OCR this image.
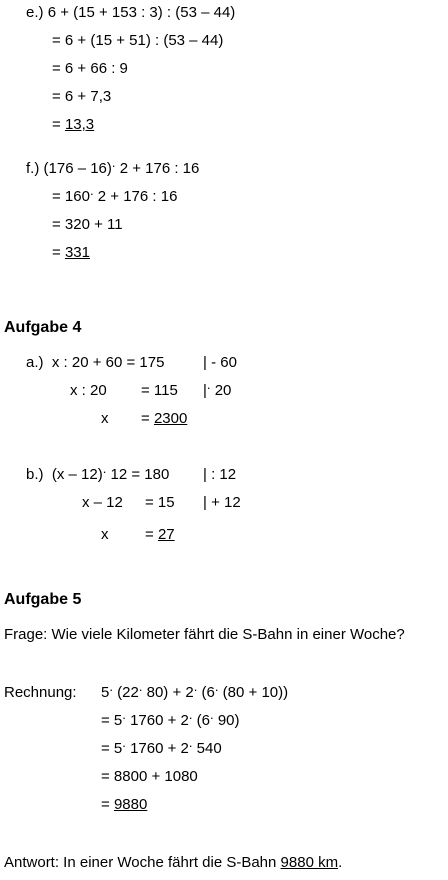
e.) 6 + (15 + 153 : 3) : (53 – 44)
= 6 + (15 + 51) : (53 – 44)
= 6 + 66 : 9
= 6 + 7,3
= 13,3
f.) (176 – 16). 2 + 176 : 16
= 160. 2 + 176 : 16
= 320 + 11
= 331
Aufgabe 4
a.) x : 20 + 60 = 175	| - 60
x : 20 = 115 |. 20
x = 2300
b.) (x – 12). 12 = 180 | : 12
x – 12 = 15 | + 12
x = 27
Aufgabe 5
Frage: Wie viele Kilometer fährt die S-Bahn in einer Woche?
Rechnung: 5. (22. 80) + 2. (6. (80 + 10))
= 5. 1760 + 2. (6. 90)
= 5. 1760 + 2. 540
= 8800 + 1080
= 9880
Antwort: In einer Woche fährt die S-Bahn 9880 km.
